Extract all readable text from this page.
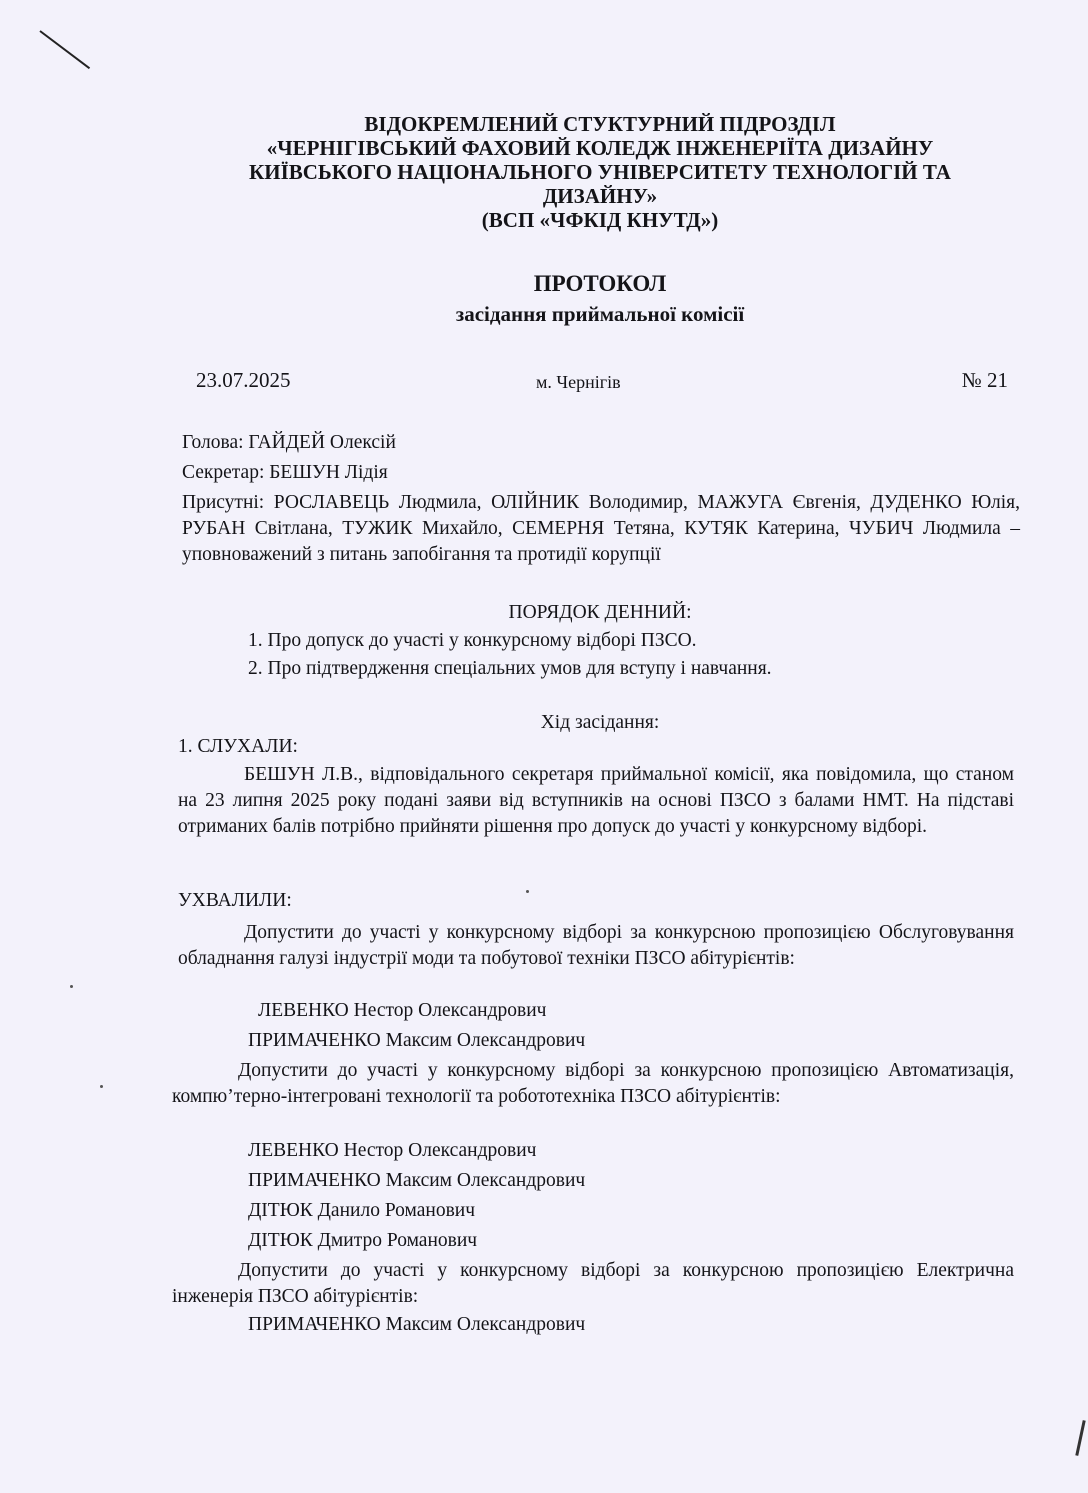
ВІДОКРЕМЛЕНИЙ СТУКТУРНИЙ ПІДРОЗДІЛ
«ЧЕРНІГІВСЬКИЙ ФАХОВИЙ КОЛЕДЖ ІНЖЕНЕРІЇТА ДИЗАЙНУ
КИЇВСЬКОГО НАЦІОНАЛЬНОГО УНІВЕРСИТЕТУ ТЕХНОЛОГІЙ ТА
ДИЗАЙНУ»
(ВСП «ЧФКІД КНУТД»)
ПРОТОКОЛ
засідання приймальної комісії
23.07.2025	м. Чернігів	№ 21
Голова: ГАЙДЕЙ Олексій
Секретар: БЕШУН Лідія
Присутні: РОСЛАВЕЦЬ Людмила, ОЛІЙНИК Володимир, МАЖУГА Євгенія, ДУДЕНКО Юлія, РУБАН Світлана, ТУЖИК Михайло, СЕМЕРНЯ Тетяна, КУТЯК Катерина, ЧУБИЧ Людмила – уповноважений з питань запобігання та протидії корупції
ПОРЯДОК ДЕННИЙ:
1. Про допуск до участі у конкурсному відборі ПЗСО.
2. Про підтвердження спеціальних умов для вступу і навчання.
Хід засідання:
1. СЛУХАЛИ:
БЕШУН Л.В., відповідального секретаря приймальної комісії, яка повідомила, що станом на 23 липня 2025 року подані заяви від вступників на основі ПЗСО з балами НМТ. На підставі отриманих балів потрібно прийняти рішення про допуск до участі у конкурсному відборі.
УХВАЛИЛИ:
Допустити до участі у конкурсному відборі за конкурсною пропозицією Обслуговування обладнання галузі індустрії моди та побутової техніки ПЗСО абітурієнтів:
ЛЕВЕНКО Нестор Олександрович
ПРИМАЧЕНКО Максим Олександрович
Допустити до участі у конкурсному відборі за конкурсною пропозицією Автоматизація, компю’терно-інтегровані технології та робототехніка ПЗСО абітурієнтів:
ЛЕВЕНКО Нестор Олександрович
ПРИМАЧЕНКО Максим Олександрович
ДІТЮК Данило Романович
ДІТЮК Дмитро Романович
Допустити до участі у конкурсному відборі за конкурсною пропозицією Електрична інженерія ПЗСО абітурієнтів:
ПРИМАЧЕНКО Максим Олександрович
